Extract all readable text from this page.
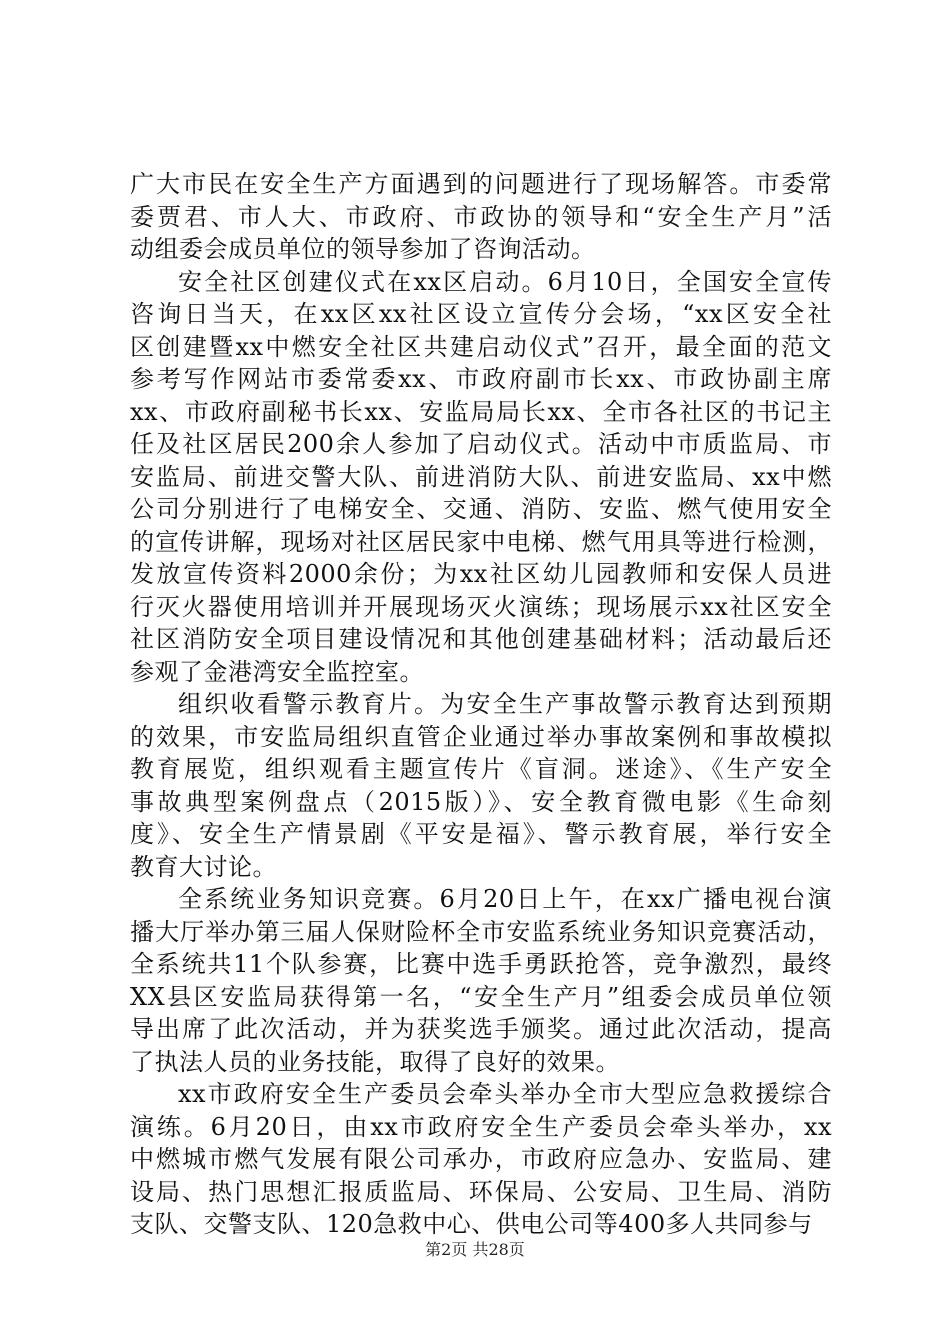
广大市民在安全生产方面遇到的问题进行了现场解答。市委常
委贾君、市人大、市政府、市政协的领导和“安全生产月”活
动组委会成员单位的领导参加了咨询活动。
安全社区创建仪式在xx区启动。6月10日，全国安全宣传
咨询日当天，在xx区xx社区设立宣传分会场，“xx区安全社
区创建暨xx中燃安全社区共建启动仪式”召开，最全面的范文
参考写作网站市委常委xx、市政府副市长xx、市政协副主席
xx、市政府副秘书长xx、安监局局长xx、全市各社区的书记主
任及社区居民200余人参加了启动仪式。活动中市质监局、市
安监局、前进交警大队、前进消防大队、前进安监局、xx中燃
公司分别进行了电梯安全、交通、消防、安监、燃气使用安全
的宣传讲解，现场对社区居民家中电梯、燃气用具等进行检测，
发放宣传资料2000余份；为xx社区幼儿园教师和安保人员进
行灭火器使用培训并开展现场灭火演练；现场展示xx社区安全
社区消防安全项目建设情况和其他创建基础材料；活动最后还
参观了金港湾安全监控室。
组织收看警示教育片。为安全生产事故警示教育达到预期
的效果，市安监局组织直管企业通过举办事故案例和事故模拟
教育展览，组织观看主题宣传片《盲洞。迷途》、《生产安全
事故典型案例盘点（2015版）》、安全教育微电影《生命刻
度》、安全生产情景剧《平安是福》、警示教育展，举行安全
教育大讨论。
全系统业务知识竞赛。6月20日上午，在xx广播电视台演
播大厅举办第三届人保财险杯全市安监系统业务知识竞赛活动，
全系统共11个队参赛，比赛中选手勇跃抢答，竞争激烈，最终
XX县区安监局获得第一名，“安全生产月”组委会成员单位领
导出席了此次活动，并为获奖选手颁奖。通过此次活动，提高
了执法人员的业务技能，取得了良好的效果。
xx市政府安全生产委员会牵头举办全市大型应急救援综合
演练。6月20日，由xx市政府安全生产委员会牵头举办，xx
中燃城市燃气发展有限公司承办，市政府应急办、安监局、建
设局、热门思想汇报质监局、环保局、公安局、卫生局、消防
支队、交警支队、120急救中心、供电公司等400多人共同参与
第2页 共28页
